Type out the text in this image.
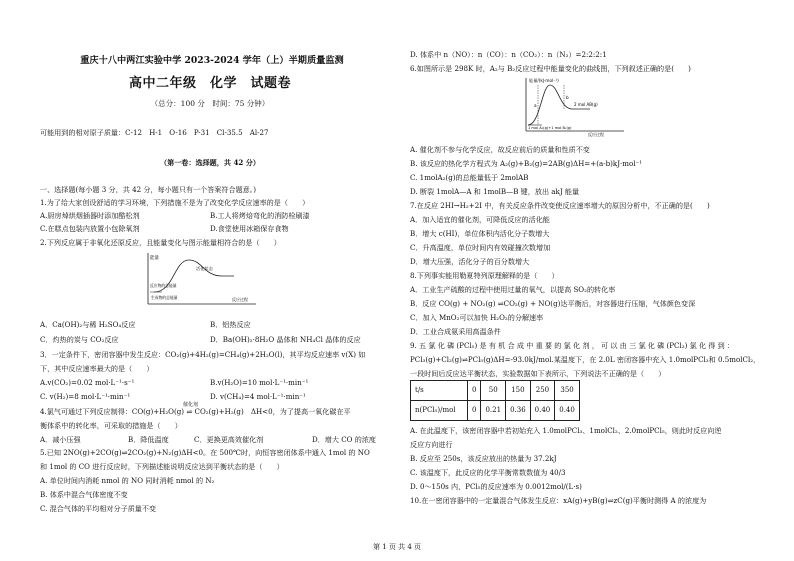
重庆十八中两江实验中学 2023-2024 学年（上）半期质量监测
高中二年级　化学　试题卷
（总分：100 分　时间：75 分钟）
可能用到的相对原子质量：C-12　H-1　O-16　P-31　Cl-35.5　Al-27
（第一卷：选择题，共 42 分）
一、选择题(每小题 3 分，共 42 分，每小题只有一个答案符合题意。)
1.为了给大家创设舒适的学习环境，下列措施不是为了改变化学反应速率的是（　　）
A.厨房焯烘烟插器时添加酷松剂	B.工人将烤焙弯化的消防栓刷漆
C.在糕点包装内放置小包除氧剂	D.食堂使用冰箱保存食物
2.下列反应属于非氧化还原反应，且能量变化与图示能量相符合的是（　　）
能量
活化状态
反应物的总能量
生成物的总能量	反应过程
A．Ca(OH)₂与稀 H₂SO₄反应	B．铝热反应
C．灼热的炭与 CO₂反应	D．Ba(OH)₂·8H₂O 晶体和 NH₄Cl 晶体的反应
3．一定条件下，密闭容器中发生反应：CO₂(g)+4H₂(g)=CH₄(g)+2H₂O(l)，其平均反应速率 v(X) 如
下，其中反应速率最大的是（　　）
A.v(CO₂)=0.02 mol·L⁻¹·s⁻¹	B.v(H₂O)=10 mol·L⁻¹·min⁻¹
C. v(H₂)=8 mol·L⁻¹·min⁻¹	D. v(CH₄)=4 mol·L⁻¹·min⁻¹
4.氯气可通过下列反应制得：CO(g)+H₂O(g) ⇌ CO₂(g)+H₂(g)　ΔH<0，为了提高一氧化碳在平
催化剂
衡体系中的转化率，可采取的措施是（　　）
A．减小压强	B．降低温度	C．更换更高效催化剂	D．增大 CO 的浓度
5.已知 2NO(g)+2CO(g)⇌2CO₂(g)+N₂(g)ΔH<0。在 500℃时，向恒容密闭体系中通入 1mol 的 NO
和 1mol 的 CO 进行反应时，下列描述能说明反应达到平衡状态的是（　　）
A. 单位时间内消耗 nmol 的 NO 同时消耗 nmol 的 N₂
B. 体系中混合气体密度不变
C. 混合气体的平均相对分子质量不变
D. 体系中 n（NO）：n（CO）：n（CO₂）：n（N₂）=2:2:2:1
6.如图所示是 298K 时，A₂与 B₂反应过程中能量变化的曲线图，下列叙述正确的是(　　)
能量/(kJ·mol⁻¹)
a
b
2 mol AB(g)
1 mol A₂(g)+1 mol B₂(g)
反应过程
A. 催化剂不参与化学反应，故反应前后的质量和性质不变
B. 该反应的热化学方程式为 A₂(g)+B₂(g)=2AB(g)ΔH=+(a-b)kJ·mol⁻¹
C. 1molA₂(g)的总能量低于 2molAB
D. 断裂 1molA—A 和 1molB—B 键，放出 akJ 能量
7.在反应 2HI→H₂+2I 中，有关反应条件改变使反应速率增大的原因分析中，不正确的是(　　)
A．加入适宜的催化剂，可降低反应的活化能
B．增大 c(HI)，单位体积内活化分子数增大
C．升高温度，单位时间内有效碰撞次数增加
D．增大压强，活化分子的百分数增大
8.下列事实能用勒夏特列原理解释的是（　　）
A．工业生产硫酸的过程中使用过量的氧气，以提高 SO₂的转化率
B．反应 CO(g) + NO₂(g) ⇌CO₂(g) + NO(g)达平衡后，对容器进行压缩，气体颜色变深
C．加入 MnO₂可以加快 H₂O₂的分解速率
D．工业合成氨采用高温条件
9. 五 氯 化 磷 (PCl₅) 是 有 机 合 成 中 重 要 的 氯 化 剂 ， 可 以 由 三 氯 化 磷 (PCl₃) 氯 化 得 到 ：
PCl₃(g)+Cl₂(g)⇌PCl₅(g)ΔH=-93.0kJ/mol.某温度下，在 2.0L 密闭容器中充入 1.0molPCl₃和 0.5molCl₂，
一段时间后反应达平衡状态，实验数据如下表所示，下列说法不正确的是（　　）
t/s	0	50	150	250	350
n(PCl₅)/mol	0	0.21	0.36	0.40	0.40
A. 在此温度下，该密闭容器中若初始充入 1.0molPCl₃、1molCl₂、2.0molPCl₅，则此时反应向逆
反应方向进行
B. 反应至 250s，该反应放出的热量为 37.2kJ
C. 该温度下，此反应的化学平衡常数数值为 40/3
D. 0～150s 内，PCl₅的反应速率为 0.0012mol/(L·s)
10.在一密闭容器中的一定量混合气体发生反应：xA(g)+yB(g)⇌zC(g)平衡时测得 A 的浓度为
第 1 页 共 4 页
